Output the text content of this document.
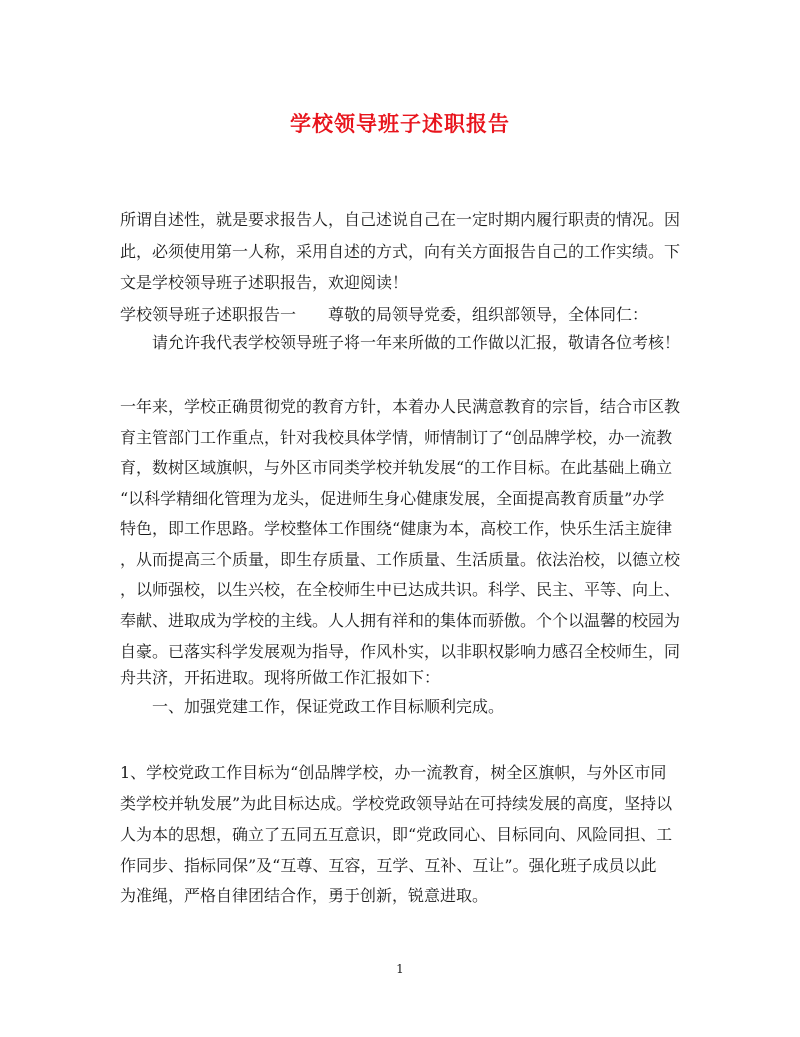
学校领导班子述职报告
所谓自述性，就是要求报告人，自己述说自己在一定时期内履行职责的情况。因
此，必须使用第一人称，采用自述的方式，向有关方面报告自己的工作实绩。下
文是学校领导班子述职报告，欢迎阅读！
学校领导班子述职报告一　　尊敬的局领导党委，组织部领导，全体同仁：
请允许我代表学校领导班子将一年来所做的工作做以汇报，敬请各位考核！
一年来，学校正确贯彻党的教育方针，本着办人民满意教育的宗旨，结合市区教
育主管部门工作重点，针对我校具体学情，师情制订了“创品牌学校，办一流教
育，数树区域旗帜，与外区市同类学校并轨发展“的工作目标。在此基础上确立
“以科学精细化管理为龙头，促进师生身心健康发展，全面提高教育质量”办学
特色，即工作思路。学校整体工作围绕“健康为本，高校工作，快乐生活主旋律
，从而提高三个质量，即生存质量、工作质量、生活质量。依法治校，以德立校
，以师强校，以生兴校，在全校师生中已达成共识。科学、民主、平等、向上、
奉献、进取成为学校的主线。人人拥有祥和的集体而骄傲。个个以温馨的校园为
自豪。已落实科学发展观为指导，作风朴实，以非职权影响力感召全校师生，同
舟共济，开拓进取。现将所做工作汇报如下：
一、加强党建工作，保证党政工作目标顺利完成。
1、学校党政工作目标为“创品牌学校，办一流教育，树全区旗帜，与外区市同
类学校并轨发展”为此目标达成。学校党政领导站在可持续发展的高度，坚持以
人为本的思想，确立了五同五互意识，即“党政同心、目标同向、风险同担、工
作同步、指标同保”及“互尊、互容，互学、互补、互让”。强化班子成员以此
为准绳，严格自律团结合作，勇于创新，锐意进取。
1
